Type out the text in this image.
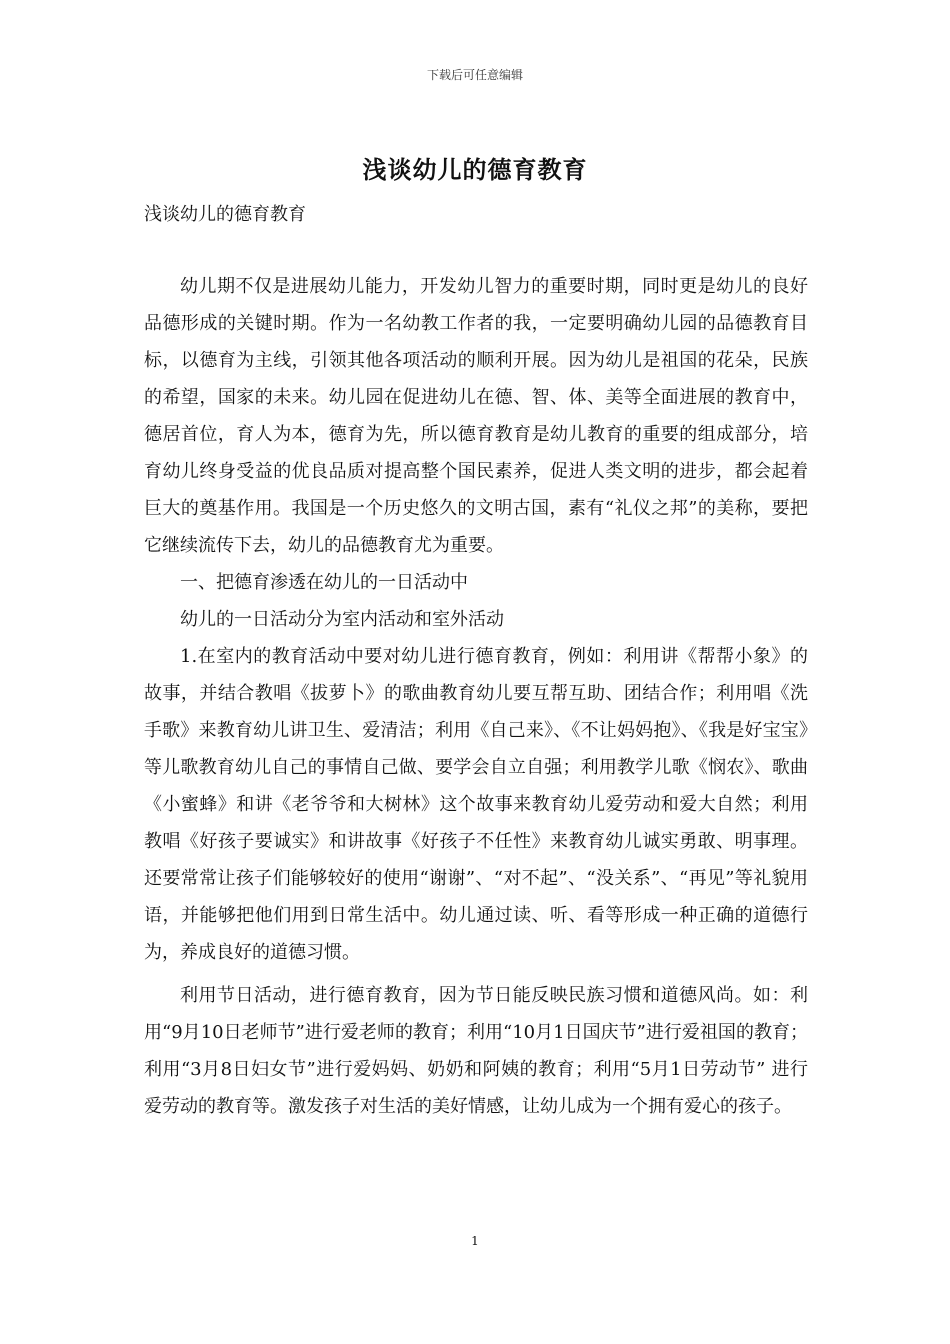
下载后可任意编辑
浅谈幼儿的德育教育
浅谈幼儿的德育教育

幼儿期不仅是进展幼儿能力，开发幼儿智力的重要时期，同时更是幼儿的良好品德形成的关键时期。作为一名幼教工作者的我，一定要明确幼儿园的品德教育目标，以德育为主线，引领其他各项活动的顺利开展。因为幼儿是祖国的花朵，民族的希望，国家的未来。幼儿园在促进幼儿在德、智、体、美等全面进展的教育中，德居首位，育人为本，德育为先，所以德育教育是幼儿教育的重要的组成部分，培育幼儿终身受益的优良品质对提高整个国民素养，促进人类文明的进步，都会起着巨大的奠基作用。我国是一个历史悠久的文明古国，素有“礼仪之邦”的美称，要把它继续流传下去，幼儿的品德教育尤为重要。

一、把德育渗透在幼儿的一日活动中

幼儿的一日活动分为室内活动和室外活动

1.在室内的教育活动中要对幼儿进行德育教育，例如：利用讲《帮帮小象》的故事，并结合教唱《拔萝卜》的歌曲教育幼儿要互帮互助、团结合作；利用唱《洗手歌》来教育幼儿讲卫生、爱清洁；利用《自己来》、《不让妈妈抱》、《我是好宝宝》等儿歌教育幼儿自己的事情自己做、要学会自立自强；利用教学儿歌《悯农》、歌曲《小蜜蜂》和讲《老爷爷和大树林》这个故事来教育幼儿爱劳动和爱大自然；利用教唱《好孩子要诚实》和讲故事《好孩子不任性》来教育幼儿诚实勇敢、明事理。还要常常让孩子们能够较好的使用“谢谢”、“对不起”、“没关系”、“再见”等礼貌用语，并能够把他们用到日常生活中。幼儿通过读、听、看等形成一种正确的道德行为，养成良好的道德习惯。

利用节日活动，进行德育教育，因为节日能反映民族习惯和道德风尚。如：利用“9月10日老师节”进行爱老师的教育；利用“10月1日国庆节”进行爱祖国的教育；利用“3月8日妇女节”进行爱妈妈、奶奶和阿姨的教育；利用“5月1日劳动节” 进行爱劳动的教育等。激发孩子对生活的美好情感，让幼儿成为一个拥有爱心的孩子。

1
